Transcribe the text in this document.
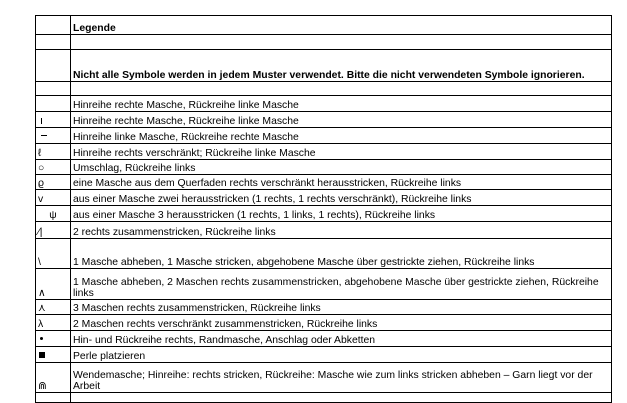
	Legende

	Nicht alle Symbole werden in jedem Muster verwendet. Bitte die nicht verwendeten Symbole ignorieren.

	Hinreihe rechte Masche, Rückreihe linke Masche
	Hinreihe rechte Masche, Rückreihe linke Masche
	Hinreihe linke Masche, Rückreihe rechte Masche
ℓ	Hinreihe rechts verschränkt; Rückreihe linke Masche
○	Umschlag, Rückreihe links
ϱ	eine Masche aus dem Querfaden rechts verschränkt herausstricken, Rückreihe links
v	aus einer Masche zwei herausstricken (1 rechts, 1 rechts verschränkt), Rückreihe links
ψ	aus einer Masche 3 herausstricken (1 rechts, 1 links, 1 rechts), Rückreihe links
⁄|	2 rechts zusammenstricken, Rückreihe links
\	1 Masche abheben, 1 Masche stricken, abgehobene Masche über gestrickte ziehen, Rückreihe links
∧	1 Masche abheben, 2 Maschen rechts zusammenstricken, abgehobene Masche über gestrickte ziehen, Rückreihe links
⋏	3 Maschen rechts zusammenstricken, Rückreihe links
λ	2 Maschen rechts verschränkt zusammenstricken, Rückreihe links
	Hin- und Rückreihe rechts, Randmasche, Anschlag oder Abketten
	Perle platzieren
⋒	Wendemasche; Hinreihe: rechts stricken, Rückreihe: Masche wie zum links stricken abheben – Garn liegt vor der Arbeit
